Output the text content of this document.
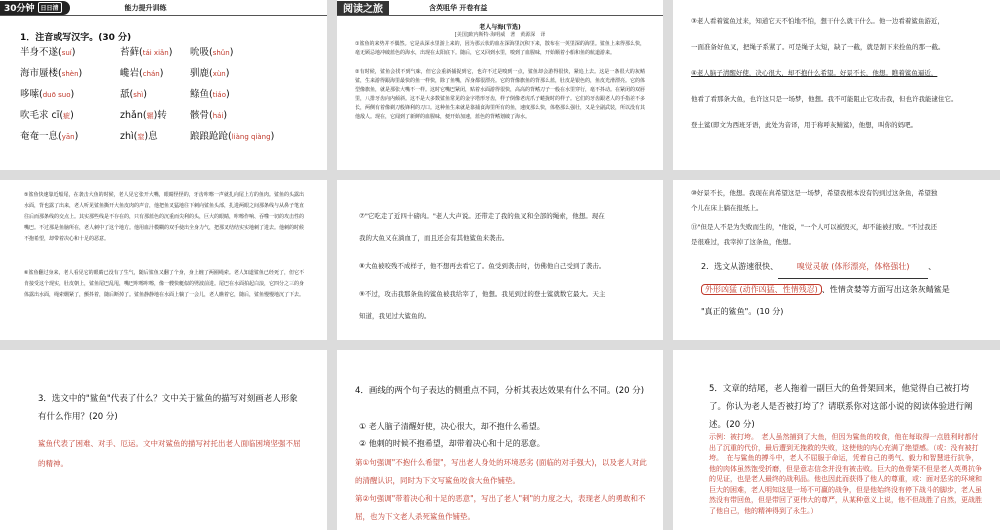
30分钟	日日清	能力提升训练
1．注音或写汉字。(30 分)
半身不遂(suí)	苔藓(tái xiǎn) 吮吸(shǔn)
海市蜃楼(shèn)	巉岩(chán)	驯鹿(xùn)
哆嗦(duō suo)	舐(shì)	鲦鱼(tiáo)
吹毛求 cī(疵)	zhǎn(辗)转 骸骨(hái)
奄奄一息(yān)	zhì(窒)息	踉踉跄跄(liàng qiàng)
阅读之旅	含英咀华 开卷有益
老人与海(节选)
[美国]欧内斯特·海明威　著　黄源深　译
①鲨鱼的来势并不偶然。它是从深水里游上来的，因为那云状的血在深海里沉积下来，散布在一英里深的海里。鲨鱼上来得那么快，毫无顾忌地冲破蓝色的海水，出现在太阳底下。随后，它又回到水里，嗅到了血腥味，开始顺着小船和鱼的航道游来。
②有时候，鲨鱼会找不到气味，但它会重新捕捉到它，也许不过是嗅到一点，鲨鱼却会游得很快，紧追上去。这是一条很大的灰鲭鲨，生来游得跟海里最快的鱼一样快，除了鱼嘴，浑身都很漂亮。它的背像旗鱼的背那么蓝，肚皮是银色的，鱼皮光滑漂亮。它的体型像旗鱼，就是那张大嘴不一样。这时它嘴巴紧闭，贴着水面游得很快，高高的背鳍刀子一般在水里穿行，毫不抖动。在紧闭的双唇里，八排牙齿向内倾斜。这不是大多数鲨鱼常见的金字塔形牙齿，样子倒像老虎爪子蜷拢时的样子。它们的牙齿跟老人的手指差不多长，两侧有着像剃刀般锋利的刀口。这种鱼生来就是靠捕食海里所有的鱼，速度那么快，体格那么强壮，又是全副武装，所以没有其他敌人。现在，它闻到了新鲜的血腥味，便开始加速，蓝色的背鳍划破了海水。
③老人看着鲨鱼过来，知道它天不怕地不怕，想干什么就干什么。他一边看着鲨鱼游近，
一面准备好鱼叉，把绳子系紧了。可是绳子太短，缺了一截，就是割下来拴鱼的那一截。
④老人脑子清醒好使，决心很大，却不抱什么希望。好景不长，他想。瞧着鲨鱼逼近，
他看了看那条大鱼，也许这只是一场梦，他想。我不可能阻止它攻击我，但也许我能逮住它。
登土鲨(即文为西班牙语，此处为音译，用于称呼灰鲭鲨)，他想，叫你的妈吧。
⑤鲨鱼快速靠近船尾，在袭击大鱼的时候，老人见它张开大嘴，眼睛怪怪的，牙齿咔嚓一声就扎向尾上方的鱼肉。鲨鱼的头露出水面，背也露了出来，老人听见鲨鱼撕开大鱼皮肉的声音，他把鱼叉猛地往下刺向鲨鱼头部，扎进两眼之间那条线与从鼻子笔直往后而那条线的交点上。其实那些线是不存在的，只有那蓝色的沉重而尖利的头，巨大的眼睛，咔嚓作响、吞噬一切的攻击性的嘴巴。不过那是鱼脑所在，老人刺中了这个地方。他用血汁模糊的双手使出全身力气，把那叉结结实实地刺了进去。他刺的时候不抱希望，却带着决心和十足的恶意。
⑥鲨鱼翻过身来，老人看见它的眼睛已没有了生气，随后鲨鱼又翻了个身，身上缠了两圈绳索。老人知道鲨鱼已经死了，但它不肯接受这个现实，肚皮朝上，鲨鱼尾巴乱甩，嘴巴咔嚓咔嚓，像一艘快艇似的劈波前进。尾巴在水面拍起白浪，它四分之三的身体露出水面，绳索绷紧了，颤抖着，随后断掉了。鲨鱼静静地在水面上躺了一会儿，老人瞧着它，随后，鲨鱼慢慢地沉了下去。
⑦"它吃走了近四十磅肉。"老人大声说。还带走了我的鱼叉和全部的绳索，他想。现在
我的大鱼又在淌血了，而且还会有其他鲨鱼来袭击。
⑧大鱼被咬残不成样子，他不想再去看它了。鱼受到袭击时，仿佛他自己受到了袭击。
⑨不过，攻击我那条鱼的鲨鱼被我给宰了，他想。我见到过的登士鲨就数它最大。天主
知道，我见过大鲨鱼的。
⑩好景不长，他想。我现在真希望这是一场梦，希望我根本没有钓到过这条鱼，希望独
个儿在床上躺在报纸上。
⑪"但是人不是为失败而生的，"他说，"一个人可以被毁灭，却不能被打败。"不过我还
是很难过，我宰掉了这条鱼，他想。
2．选文从游速很快、 嗅觉灵敏 (体形漂亮，体格强壮) 、
外形凶猛 (动作凶猛、性情残忍) 、性情贪婪等方面写出这条灰鲭鲨是
"真正的鲨鱼"。(10 分)
3．选文中的"鲨鱼"代表了什么？文中关于鲨鱼的描写对刻画老人形象有什么作用？(20 分)
鲨鱼代表了困难、对手、厄运。文中对鲨鱼的描写衬托出老人面临困境坚强不屈的精神。
4．画线的两个句子表达的侧重点不同，分析其表达效果有什么不同。(20 分)
① 老人脑子清醒好使，决心很大，却不抱什么希望。
② 他刺的时候不抱希望，却带着决心和十足的恶意。
第①句强调"不抱什么希望"，写出老人身处的环境恶劣 (面临的对手强大)，以及老人对此的清醒认识，同时为下文写鲨鱼咬食大鱼作铺垫。
第②句强调"带着决心和十足的恶意"，写出了老人"刺"的力度之大，表现老人的勇敢和不屈，也为下文老人杀死鲨鱼作铺垫。
5．文章的结尾，老人拖着一副巨大的鱼骨架回来，他觉得自己被打垮了。你认为老人是否被打垮了？请联系你对这部小说的阅读体验进行阐述。(20 分)
示例：被打垮。　老人虽然捕到了大鱼，但因为鲨鱼的咬食，他在每取得一点胜利时都付出了沉重的代价，最后遭到无挽救的失败，这使他的内心充满了绝望感。（或：没有被打垮。　在与鲨鱼的搏斗中，老人不屈服于命运，凭着自己的勇气、毅力和智慧进行抗争，他的肉体虽然饱受折磨，但是意志信念并没有被击败。巨大的鱼骨架不但是老人英勇抗争的见证，也是老人最终的战利品。他也因此而获得了他人的尊重，或：面对恶劣的环境和巨大的困难，老人明知这是一场不可赢的战争，但是他始终没有停下战斗的脚步，老人虽然没有带回鱼，但是带回了更伟大的尊严，从某种意义上说，他不但战胜了自然，更战胜了他自己，他的精神得到了永生。）
